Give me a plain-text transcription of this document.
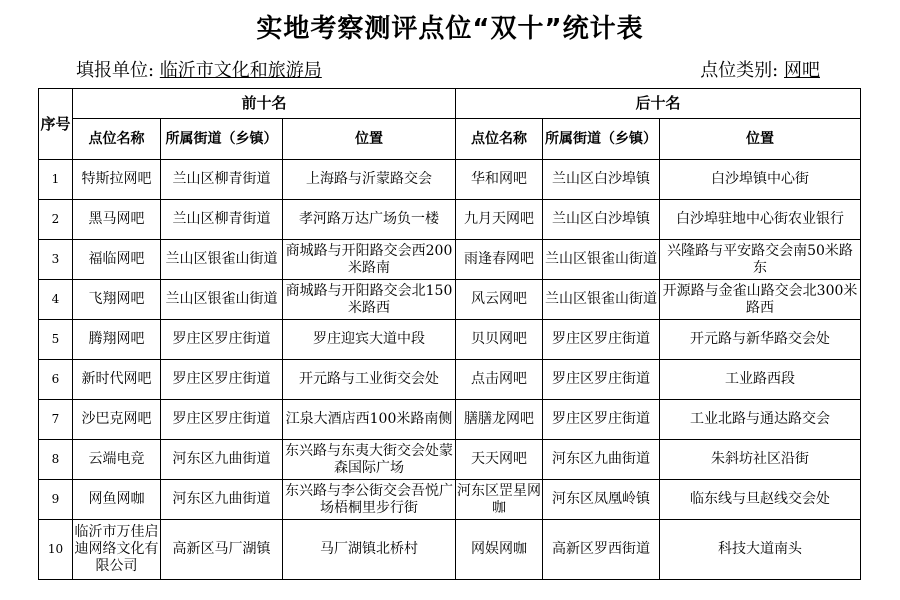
实地考察测评点位“双十”统计表
填报单位: 临沂市文化和旅游局	点位类别: 网吧
序号	前十名			后十名		
	点位名称	所属街道（乡镇）	位置	点位名称	所属街道（乡镇）	位置
1	特斯拉网吧	兰山区柳青街道	上海路与沂蒙路交会	华和网吧	兰山区白沙埠镇	白沙埠镇中心街
2	黑马网吧	兰山区柳青街道	孝河路万达广场负一楼	九月天网吧	兰山区白沙埠镇	白沙埠驻地中心街农业银行
3	福临网吧	兰山区银雀山街道	商城路与开阳路交会西200米路南	雨逢春网吧	兰山区银雀山街道	兴隆路与平安路交会南50米路东
4	飞翔网吧	兰山区银雀山街道	商城路与开阳路交会北150米路西	风云网吧	兰山区银雀山街道	开源路与金雀山路交会北300米路西
5	腾翔网吧	罗庄区罗庄街道	罗庄迎宾大道中段	贝贝网吧	罗庄区罗庄街道	开元路与新华路交会处
6	新时代网吧	罗庄区罗庄街道	开元路与工业街交会处	点击网吧	罗庄区罗庄街道	工业路西段
7	沙巴克网吧	罗庄区罗庄街道	江泉大酒店西100米路南侧	膳膳龙网吧	罗庄区罗庄街道	工业北路与通达路交会
8	云端电竞	河东区九曲街道	东兴路与东夷大街交会处蒙森国际广场	天天网吧	河东区九曲街道	朱斜坊社区沿街
9	网鱼网咖	河东区九曲街道	东兴路与李公街交会吾悦广场梧桐里步行街	河东区罡星网咖	河东区凤凰岭镇	临东线与旦赵线交会处
10	临沂市万佳启迪网络文化有限公司	高新区马厂湖镇	马厂湖镇北桥村	网娱网咖	高新区罗西街道	科技大道南头
